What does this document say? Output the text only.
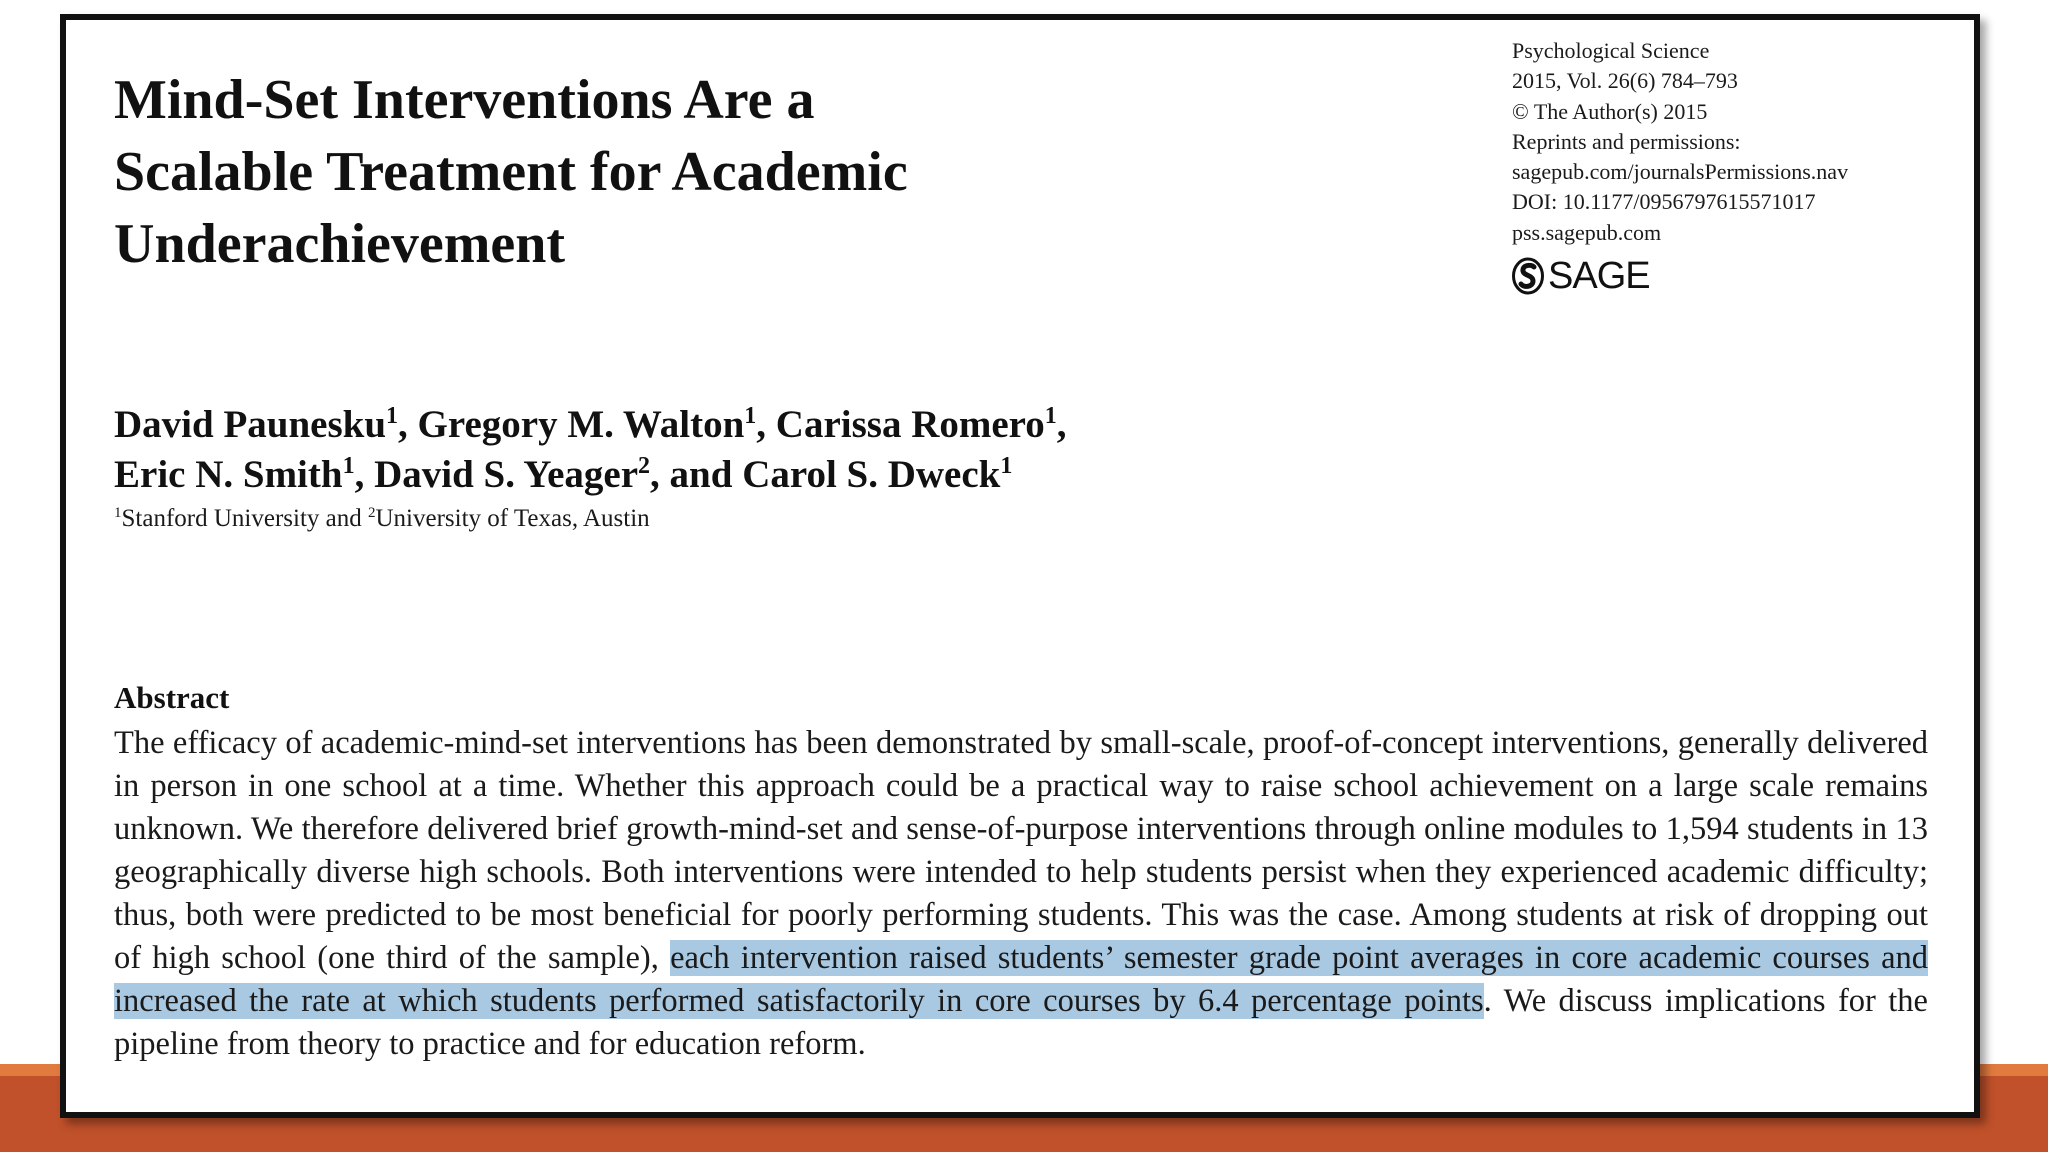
Mind-Set Interventions Are a
Scalable Treatment for Academic
Underachievement
Psychological Science
2015, Vol. 26(6) 784–793
© The Author(s) 2015
Reprints and permissions:
sagepub.com/journalsPermissions.nav
DOI: 10.1177/0956797615571017
pss.sagepub.com
SAGE
David Paunesku$^1$, Gregory M. Walton$^1$, Carissa Romero$^1$,
Eric N. Smith$^1$, David S. Yeager$^2$, and Carol S. Dweck$^1$
$^1$Stanford University and $^2$University of Texas, Austin
Abstract

The efficacy of academic-mind-set interventions has been demonstrated by small-scale, proof-of-concept interventions, generally delivered in person in one school at a time. Whether this approach could be a practical way to raise school achievement on a large scale remains unknown. We therefore delivered brief growth-mind-set and sense-of-purpose interventions through online modules to 1,594 students in 13 geographically diverse high schools. Both interventions were intended to help students persist when they experienced academic difficulty; thus, both were predicted to be most beneficial for poorly performing students. This was the case. Among students at risk of dropping out of high school (one third of the sample), each intervention raised students’ semester grade point averages in core academic courses and increased the rate at which students performed satisfactorily in core courses by 6.4 percentage points. We discuss implications for the pipeline from theory to practice and for education reform.
